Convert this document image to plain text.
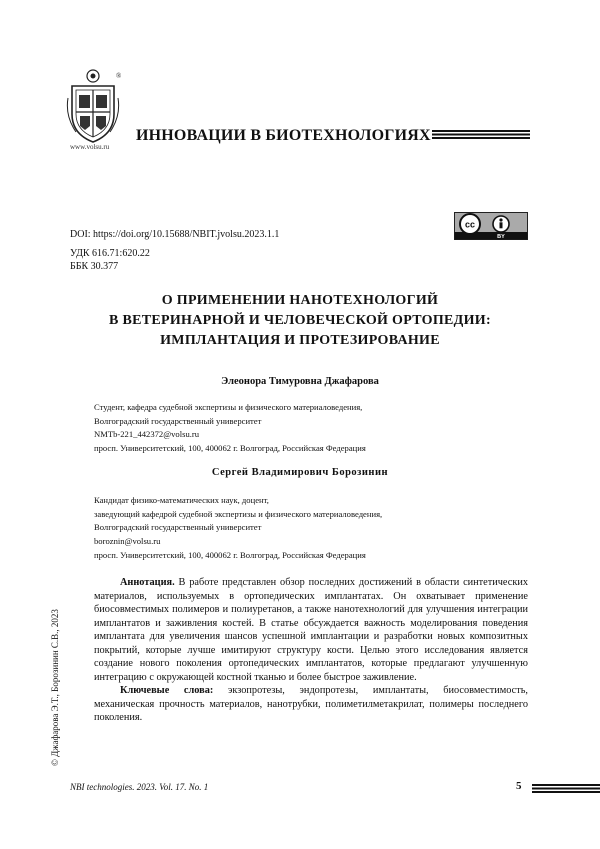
®
www.volsu.ru
ИННОВАЦИИ В БИОТЕХНОЛОГИЯХ
DOI: https://doi.org/10.15688/NBIT.jvolsu.2023.1.1
УДК 616.71:620.22
ББК 30.377
cc
BY
О ПРИМЕНЕНИИ НАНОТЕХНОЛОГИЙ
В ВЕТЕРИНАРНОЙ И ЧЕЛОВЕЧЕСКОЙ ОРТОПЕДИИ:
ИМПЛАНТАЦИЯ И ПРОТЕЗИРОВАНИЕ
Элеонора Тимуровна Джафарова
Студент, кафедра судебной экспертизы и физического материаловедения,
Волгоградский государственный университет
NMTb-221_442372@volsu.ru
просп. Университетский, 100, 400062 г. Волгоград, Российская Федерация
Сергей Владимирович Борозинин
Кандидат физико-математических наук, доцент,
заведующий кафедрой судебной экспертизы и физического материаловедения,
Волгоградский государственный университет
boroznin@volsu.ru
просп. Университетский, 100, 400062 г. Волгоград, Российская Федерация

Аннотация. В работе представлен обзор последних достижений в области синтетических материалов, используемых в ортопедических имплантатах. Он охватывает применение биосовместимых полимеров и полиуретанов, а также нанотехнологий для улучшения интеграции имплантатов и заживления костей. В статье обсуждается важность моделирования поведения имплантата для увеличения шансов успешной имплантации и разработки новых композитных покрытий, которые лучше имитируют структуру кости. Целью этого исследования является создание нового поколения ортопедических имплантатов, которые предлагают улучшенную интеграцию с окружающей костной тканью и более быстрое заживление.

Ключевые слова: экзопротезы, эндопротезы, имплантаты, биосовместимость, механическая прочность материалов, нанотрубки, полиметилметакрилат, полимеры последнего поколения.

© Джафарова Э.Т., Борозинин С.В., 2023
NBI technologies. 2023. Vol. 17. No. 1	5
